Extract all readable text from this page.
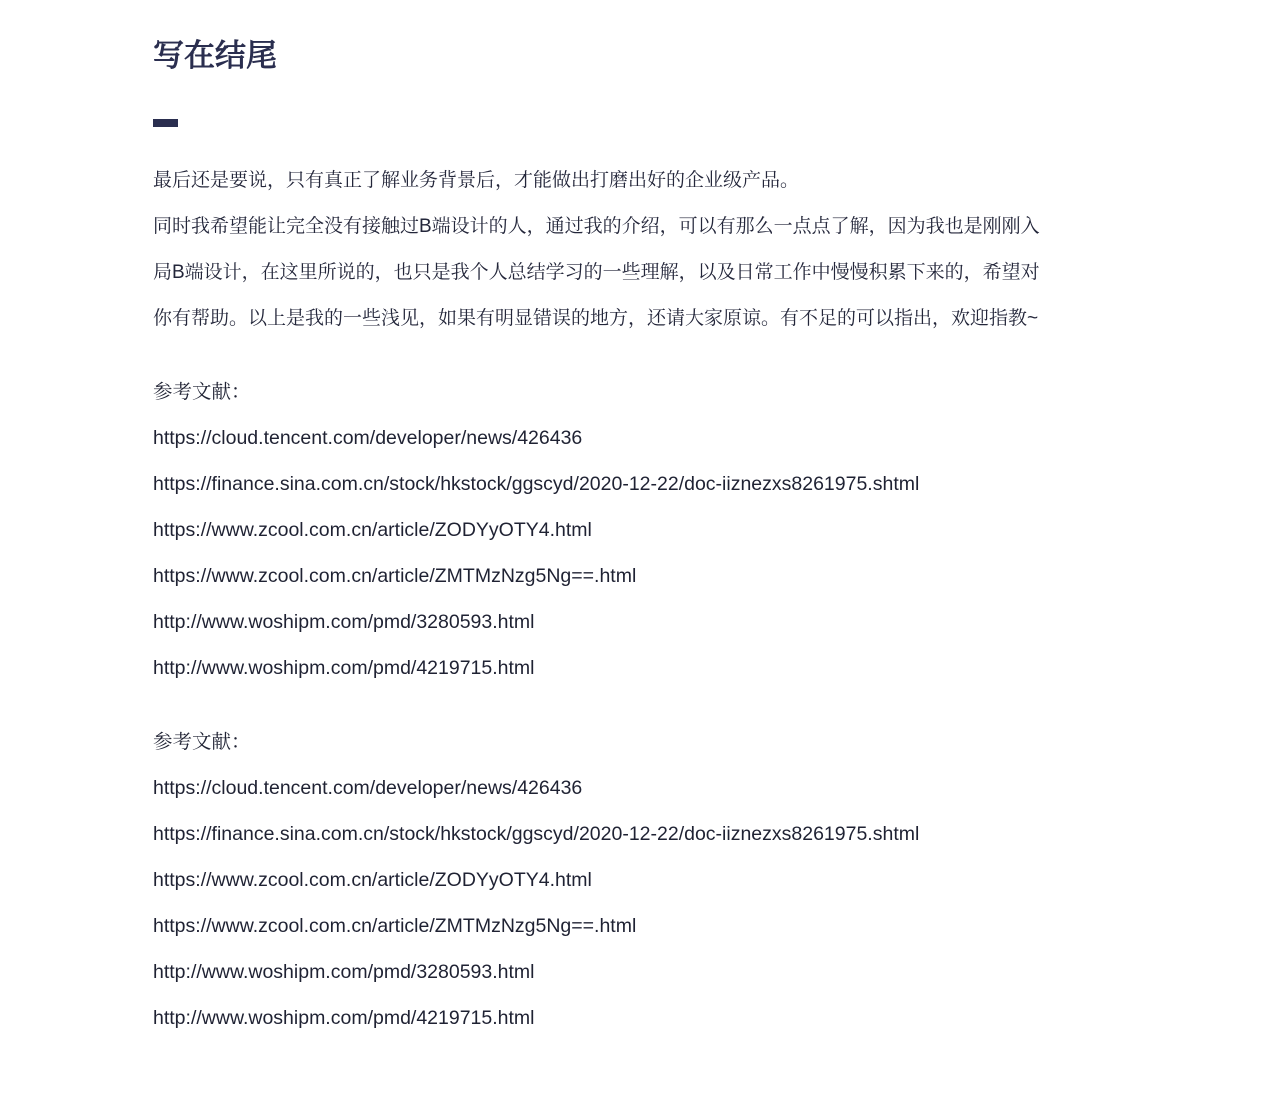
写在结尾

最后还是要说，只有真正了解业务背景后，才能做出打磨出好的企业级产品。

同时我希望能让完全没有接触过B端设计的人，通过我的介绍，可以有那么一点点了解，因为我也是刚刚入

局B端设计，在这里所说的，也只是我个人总结学习的一些理解，以及日常工作中慢慢积累下来的，希望对

你有帮助。以上是我的一些浅见，如果有明显错误的地方，还请大家原谅。有不足的可以指出，欢迎指教~

参考文献：

https://cloud.tencent.com/developer/news/426436
https://finance.sina.com.cn/stock/hkstock/ggscyd/2020-12-22/doc-iiznezxs8261975.shtml
https://www.zcool.com.cn/article/ZODYyOTY4.html
https://www.zcool.com.cn/article/ZMTMzNzg5Ng==.html
http://www.woshipm.com/pmd/3280593.html
http://www.woshipm.com/pmd/4219715.html

参考文献：

https://cloud.tencent.com/developer/news/426436
https://finance.sina.com.cn/stock/hkstock/ggscyd/2020-12-22/doc-iiznezxs8261975.shtml
https://www.zcool.com.cn/article/ZODYyOTY4.html
https://www.zcool.com.cn/article/ZMTMzNzg5Ng==.html
http://www.woshipm.com/pmd/3280593.html
http://www.woshipm.com/pmd/4219715.html
